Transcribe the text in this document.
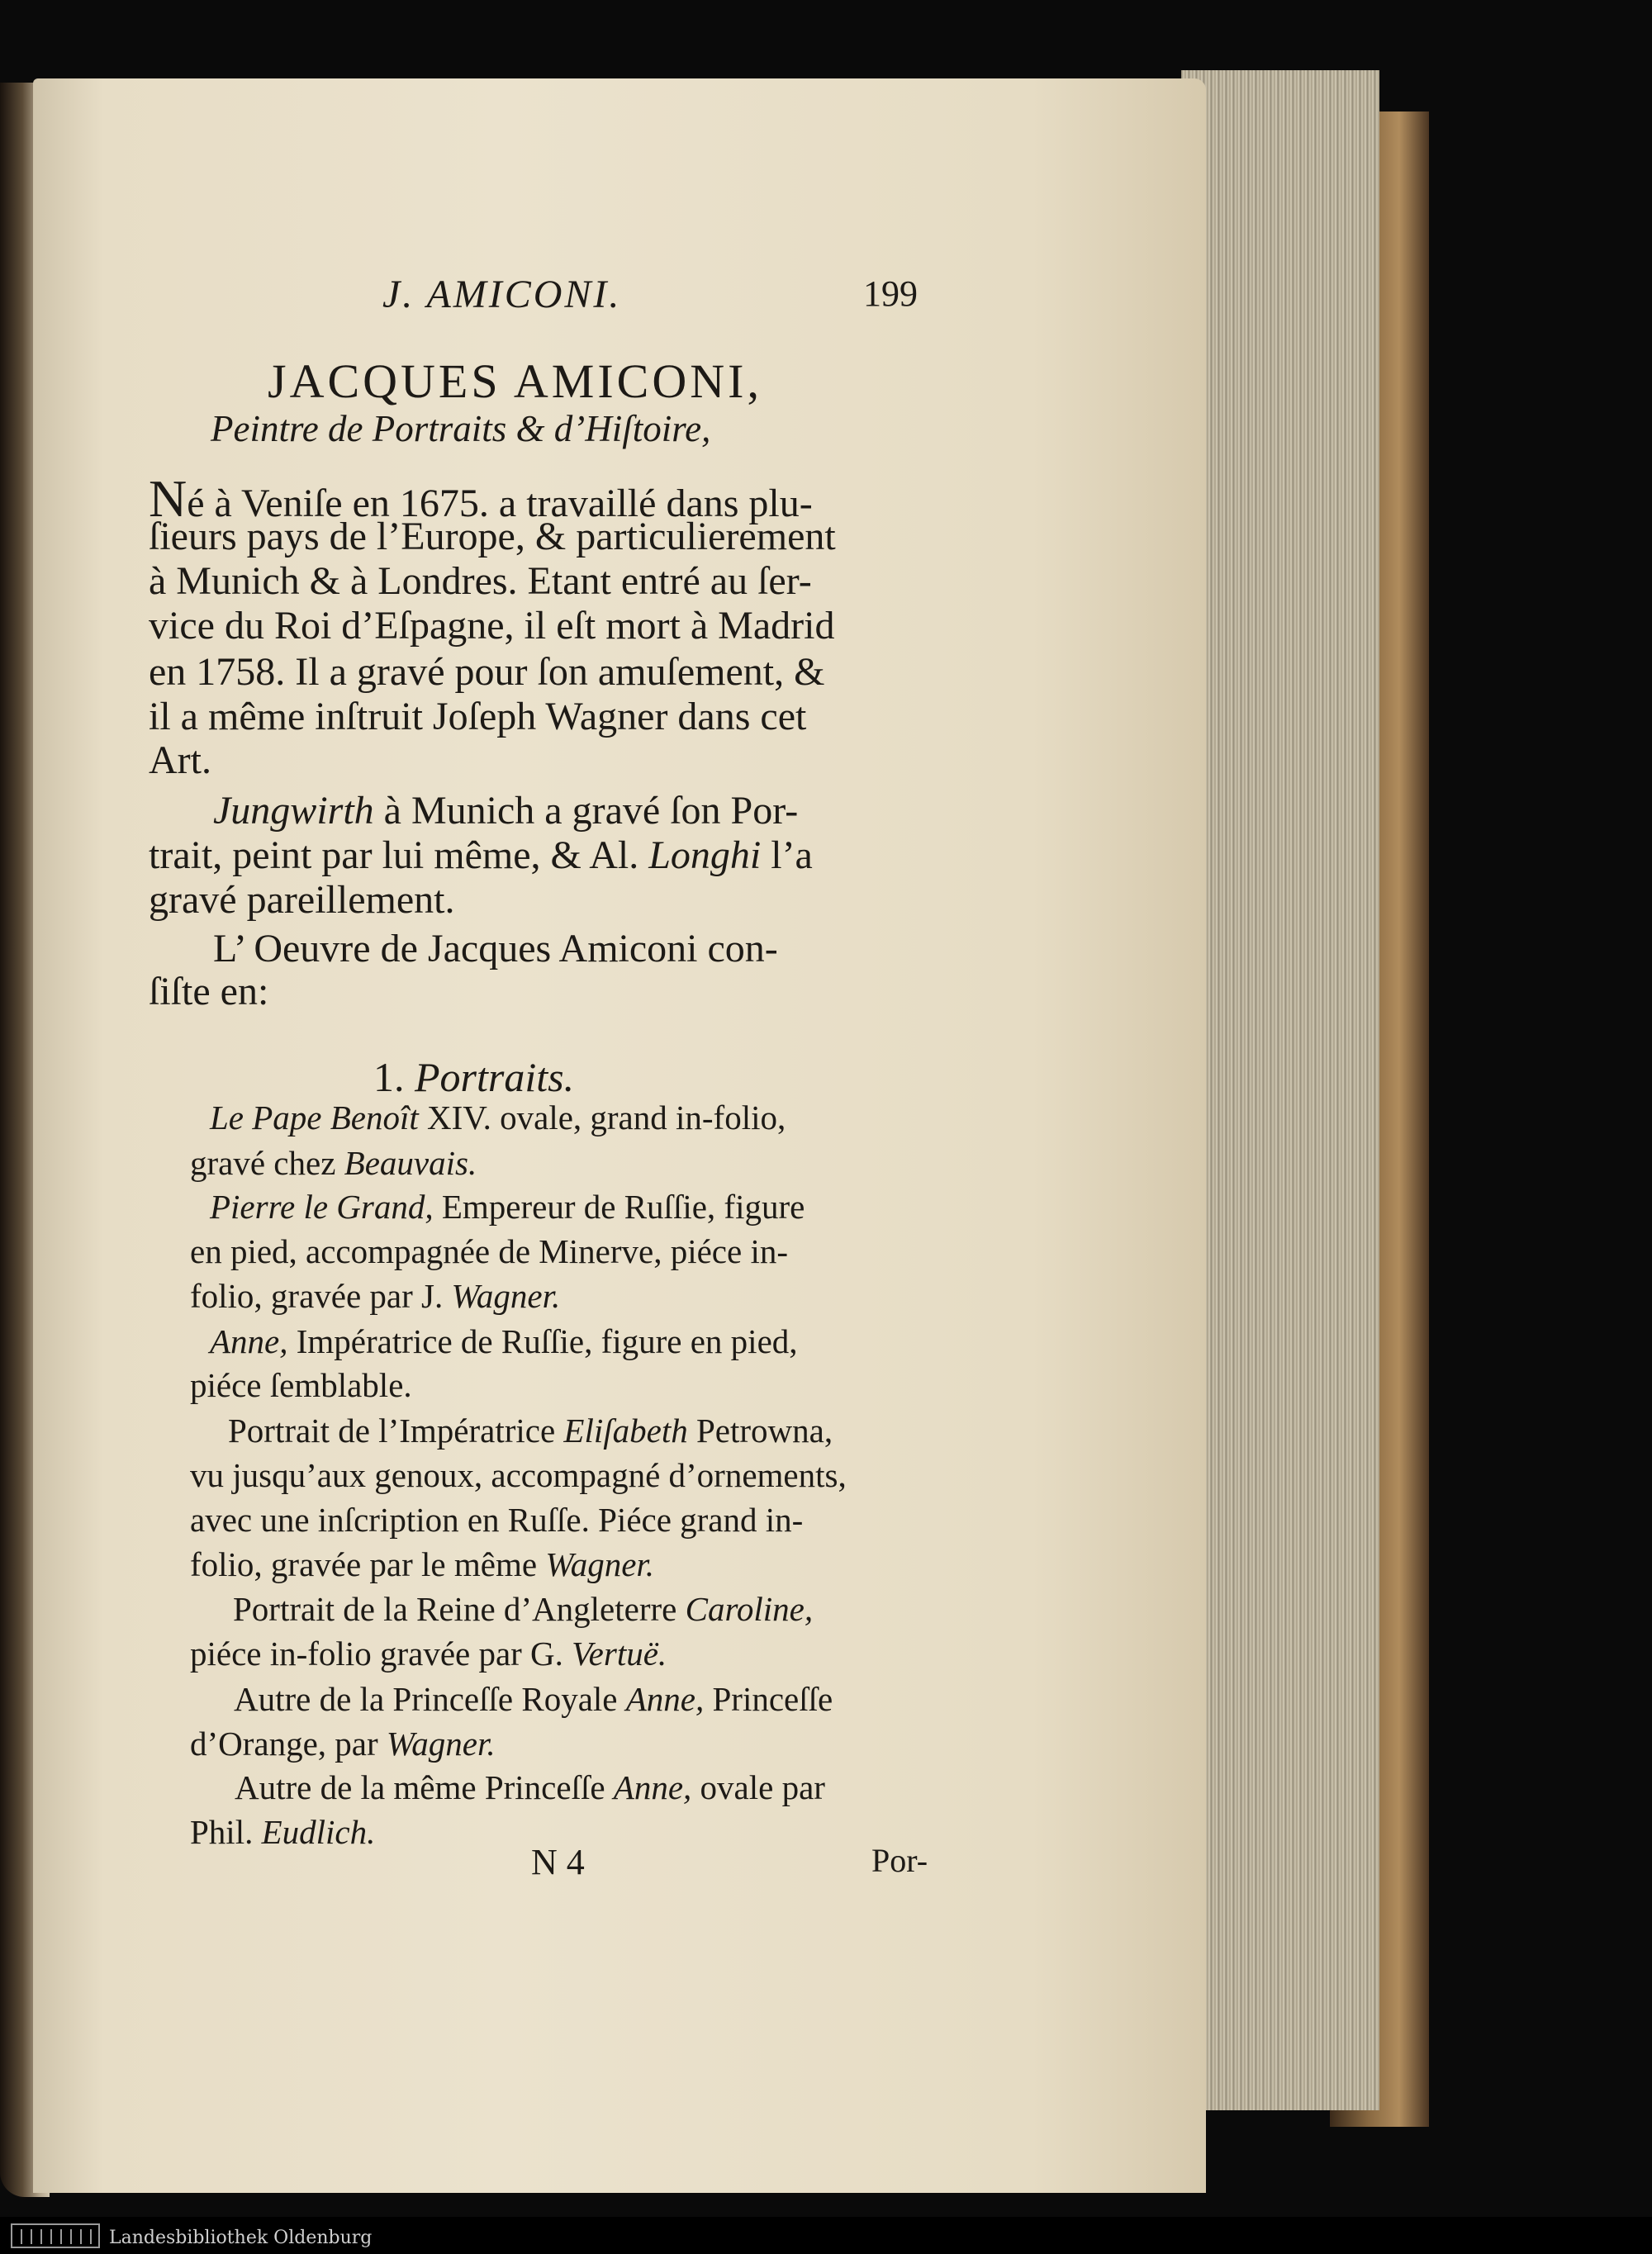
J. AMICONI.	199

JACQUES AMICONI,

Peintre de Portraits & d’Hiſtoire,

Né à Veniſe en 1675. a travaillé dans plu-

ſieurs pays de l’Europe, & particulierement

à Munich & à Londres. Etant entré au ſer-

vice du Roi d’Eſpagne, il eſt mort à Madrid

en 1758. Il a gravé pour ſon amuſement, &

il a même inſtruit Joſeph Wagner dans cet

Art.

Jungwirth à Munich a gravé ſon Por-

trait, peint par lui même, & Al. Longhi l’a

gravé pareillement.

L’ Oeuvre de Jacques Amiconi con-

ſiſte en:

1. Portraits.

Le Pape Benoît XIV. ovale, grand in-folio,

gravé chez Beauvais.

Pierre le Grand, Empereur de Ruſſie, figure

en pied, accompagnée de Minerve, piéce in-

folio, gravée par J. Wagner.

Anne, Impératrice de Ruſſie, figure en pied,

piéce ſemblable.

Portrait de l’Impératrice Eliſabeth Petrowna,

vu jusqu’aux genoux, accompagné d’ornements,

avec une inſcription en Ruſſe. Piéce grand in-

folio, gravée par le même Wagner.

Portrait de la Reine d’Angleterre Caroline,

piéce in-folio gravée par G. Vertuë.

Autre de la Princeſſe Royale Anne, Princeſſe

d’Orange, par Wagner.

Autre de la même Princeſſe Anne, ovale par

Phil. Eudlich.

N 4	Por-

Landesbibliothek Oldenburg
